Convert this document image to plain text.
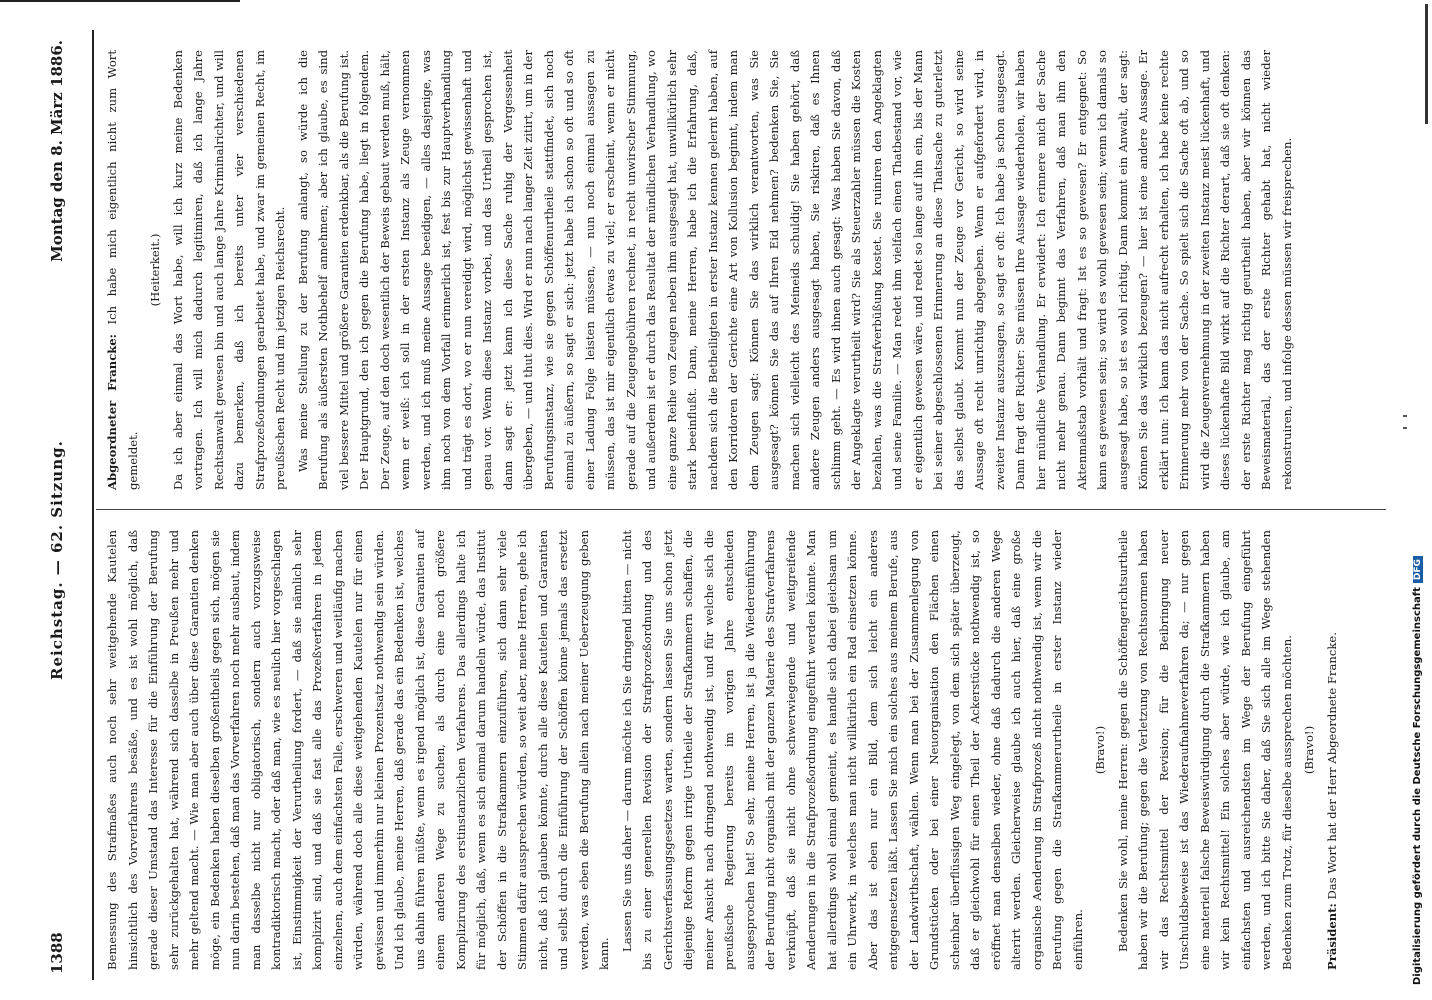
1388
Reichstag. — 62. Sitzung.
Montag den 8. März 1886.

Bemessung des Strafmaßes auch noch sehr weitgehende Kautelen hinsichtlich des Vorverfahrens besäße, und es ist wohl möglich, daß gerade dieser Umstand das Interesse für die Einführung der Berufung sehr zurückgehalten hat, während sich dasselbe in Preußen mehr und mehr geltend macht. — Wie man aber auch über diese Garantien denken möge, ein Bedenken haben dieselben großentheils gegen sich, mögen sie nun darin bestehen, daß man das Vorverfahren noch mehr ausbaut, indem man dasselbe nicht nur obligatorisch, sondern auch vorzugsweise kontradiktorisch macht, oder daß man, wie es neulich hier vorgeschlagen ist, Einstimmigkeit der Verurtheilung fordert, — daß sie nämlich sehr komplizirt sind, und daß sie fast alle das Prozeßverfahren in jedem einzelnen, auch dem einfachsten Falle, erschweren und weitläufig machen würden, während doch alle diese weitgehenden Kautelen nur für einen gewissen und immerhin nur kleinen Prozentsatz nothwendig sein würden. Und ich glaube, meine Herren, daß gerade das ein Bedenken ist, welches uns dahin führen müßte, wenn es irgend möglich ist, diese Garantien auf einem anderen Wege zu suchen, als durch eine noch größere Komplizirung des erstinstanzlichen Verfahrens. Das allerdings halte ich für möglich, daß, wenn es sich einmal darum handeln würde, das Institut der Schöffen in die Strafkammern einzuführen, sich dann sehr viele Stimmen dafür aussprechen würden, so weit aber, meine Herren, gehe ich nicht, daß ich glauben könnte, durch alle diese Kautelen und Garantien und selbst durch die Einführung der Schöffen könne jemals das ersetzt werden, was eben die Berufung allein nach meiner Ueberzeugung geben kann.

Lassen Sie uns daher — darum möchte ich Sie dringend bitten — nicht bis zu einer generellen Revision der Strafprozeßordnung und des Gerichtsverfassungsgesetzes warten, sondern lassen Sie uns schon jetzt diejenige Reform gegen irrige Urtheile der Strafkammern schaffen, die meiner Ansicht nach dringend nothwendig ist, und für welche sich die preußische Regierung bereits im vorigen Jahre entschieden ausgesprochen hat! So sehr, meine Herren, ist ja die Wiedereinführung der Berufung nicht organisch mit der ganzen Materie des Strafverfahrens verknüpft, daß sie nicht ohne schwerwiegende und weitgreifende Aenderungen in die Strafprozeßordnung eingeführt werden könnte. Man hat allerdings wohl einmal gemeint, es handle sich dabei gleichsam um ein Uhrwerk, in welches man nicht willkürlich ein Rad einsetzen könne. Aber das ist eben nur ein Bild, dem sich leicht ein anderes entgegensetzen läßt. Lassen Sie mich ein solches aus meinem Berufe, aus der Landwirthschaft, wählen. Wenn man bei der Zusammenlegung von Grundstücken oder bei einer Neuorganisation den Flächen einen scheinbar überflüssigen Weg eingelegt, von dem sich später überzeugt, daß er gleichwohl für einen Theil der Ackerstücke nothwendig ist, so eröffnet man denselben wieder, ohne daß dadurch die anderen Wege alterirt werden. Gleicherweise glaube ich auch hier, daß eine große organische Aenderung im Strafprozeß nicht nothwendig ist, wenn wir die Berufung gegen die Strafkammerurtheile in erster Instanz wieder einführen.

(Bravo!) Bedenken Sie wohl, meine Herren: gegen die Schöffengerichtsurtheile haben wir die Berufung; gegen die Verletzung von Rechtsnormen haben wir das Rechtsmittel der Revision; für die Beibringung neuer Unschuldsbeweise ist das Wiederaufnahmeverfahren da; — nur gegen eine materiell falsche Beweiswürdigung durch die Strafkammern haben wir kein Rechtsmittel! Ein solches aber würde, wie ich glaube, am einfachsten und ausreichendsten im Wege der Berufung eingeführt werden, und ich bitte Sie daher, daß Sie sich alle im Wege stehenden Bedenken zum Trotz, für dieselbe aussprechen möchten. (Bravo!)

Präsident: Das Wort hat der Herr Abgeordnete Francke.

Abgeordneter Francke: Ich habe mich eigentlich nicht zum Wort gemeldet.

(Heiterkeit.) Da ich aber einmal das Wort habe, will ich kurz meine Bedenken vortragen. Ich will mich dadurch legitimiren, daß ich lange Jahre Rechtsanwalt gewesen bin und auch lange Jahre Kriminalrichter, und will dazu bemerken, daß ich bereits unter vier verschiedenen Strafprozeßordnungen gearbeitet habe, und zwar im gemeinen Recht, im preußischen Recht und im jetzigen Reichsrecht. Was meine Stellung zu der Berufung anlangt, so würde ich die Berufung als äußersten Nothbehelf annehmen; aber ich glaube, es sind viel bessere Mittel und größere Garantien erdenkbar, als die Berufung ist. Der Hauptgrund, den ich gegen die Berufung habe, liegt in folgendem. Der Zeuge, auf den doch wesentlich der Beweis gebaut werden muß, hält, wenn er weiß: ich soll in der ersten Instanz als Zeuge vernommen werden, und ich muß meine Aussage beeidigen, — alles dasjenige, was ihm noch von dem Vorfall erinnerlich ist, fest bis zur Hauptverhandlung und trägt es dort, wo er nun vereidigt wird, möglichst gewissenhaft und genau vor. Wenn diese Instanz vorbei, und das Urtheil gesprochen ist, dann sagt er: jetzt kann ich diese Sache ruhig der Vergessenheit übergeben, — und thut dies. Wird er nun nach langer Zeit zitirt, um in der Berufungsinstanz, wie sie gegen Schöffenurtheile stattfindet, sich noch einmal zu äußern, so sagt er sich: jetzt habe ich schon so oft und so oft einer Ladung Folge leisten müssen, — nun noch einmal aussagen zu müssen, das ist mir eigentlich etwas zu viel; er erscheint, wenn er nicht gerade auf die Zeugengebühren rechnet, in recht unwirscher Stimmung, und außerdem ist er durch das Resultat der mündlichen Verhandlung, wo eine ganze Reihe von Zeugen neben ihm ausgesagt hat, unwillkürlich sehr stark beeinflußt. Dann, meine Herren, habe ich die Erfahrung, daß, nachdem sich die Betheiligten in erster Instanz kennen gelernt haben, auf den Korridoren der Gerichte eine Art von Kollusion beginnt, indem man dem Zeugen sagt: Können Sie das wirklich verantworten, was Sie ausgesagt? können Sie das auf Ihren Eid nehmen? bedenken Sie, Sie machen sich vielleicht des Meineids schuldig! Sie haben gehört, daß andere Zeugen anders ausgesagt haben, Sie riskiren, daß es Ihnen schlimm geht. — Es wird ihnen auch gesagt: Was haben Sie davon, daß der Angeklagte verurtheilt wird? Sie als Steuerzahler müssen die Kosten bezahlen, was die Strafverbüßung kostet. Sie ruiniren den Angeklagten und seine Familie. — Man redet ihm vielfach einen Thatbestand vor, wie er eigentlich gewesen wäre, und redet so lange auf ihn ein, bis der Mann bei seiner abgeschlossenen Erinnerung an diese Thatsache zu guterletzt das selbst glaubt. Kommt nun der Zeuge vor Gericht, so wird seine Aussage oft recht unrichtig abgegeben. Wenn er aufgefordert wird, in zweiter Instanz auszusagen, so sagt er oft: Ich habe ja schon ausgesagt. Dann fragt der Richter: Sie müssen Ihre Aussage wiederholen, wir haben hier mündliche Verhandlung. Er erwidert: Ich erinnere mich der Sache nicht mehr genau. Dann beginnt das Verfahren, daß man ihm den Aktenmaßstab vorhält und fragt: Ist es so gewesen? Er entgegnet: So kann es gewesen sein; so wird es wohl gewesen sein; wenn ich damals so ausgesagt habe, so ist es wohl richtig. Dann kommt ein Anwalt, der sagt: Können Sie das wirklich bezeugen? — hier ist eine andere Aussage. Er erklärt nun: Ich kann das nicht aufrecht erhalten, ich habe keine rechte Erinnerung mehr von der Sache. So spielt sich die Sache oft ab, und so wird die Zeugenvernehmung in der zweiten Instanz meist lückenhaft, und dieses lückenhafte Bild wirkt auf die Richter derart, daß sie oft denken: der erste Richter mag richtig geurtheilt haben, aber wir können das Beweismaterial, das der erste Richter gehabt hat, nicht wieder rekonstruiren, und infolge dessen müssen wir freisprechen.

Digitalisierung gefördert durch die Deutsche ForschungsgemeinschaftDFG
